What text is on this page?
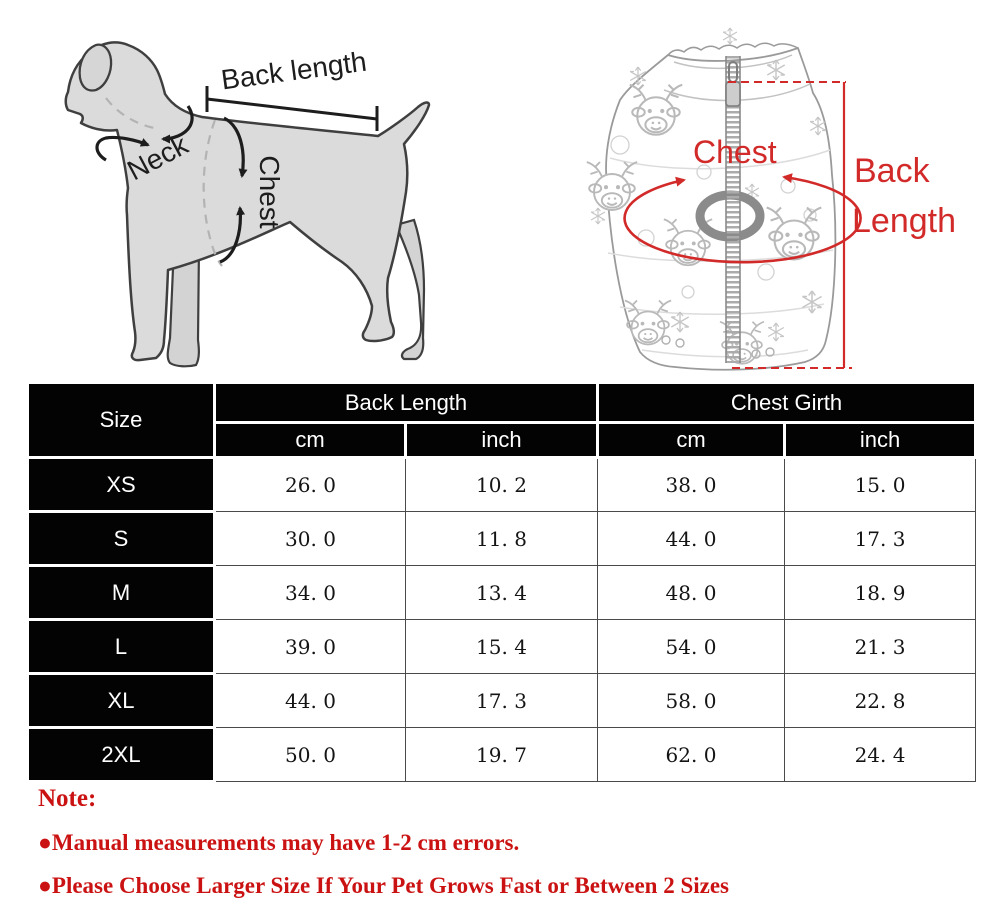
Back length
Neck Chest
Chest Back
Length
Size	Back Length		Chest Girth	
	cm	inch	cm	inch
XS	26. 0	10. 2	38. 0	15. 0
S	30. 0	11. 8	44. 0	17. 3
M	34. 0	13. 4	48. 0	18. 9
L	39. 0	15. 4	54. 0	21. 3
XL	44. 0	17. 3	58. 0	22. 8
2XL	50. 0	19. 7	62. 0	24. 4
Note:
●Manual measurements may have 1-2 cm errors.
●Please Choose Larger Size If Your Pet Grows Fast or Between 2 Sizes
